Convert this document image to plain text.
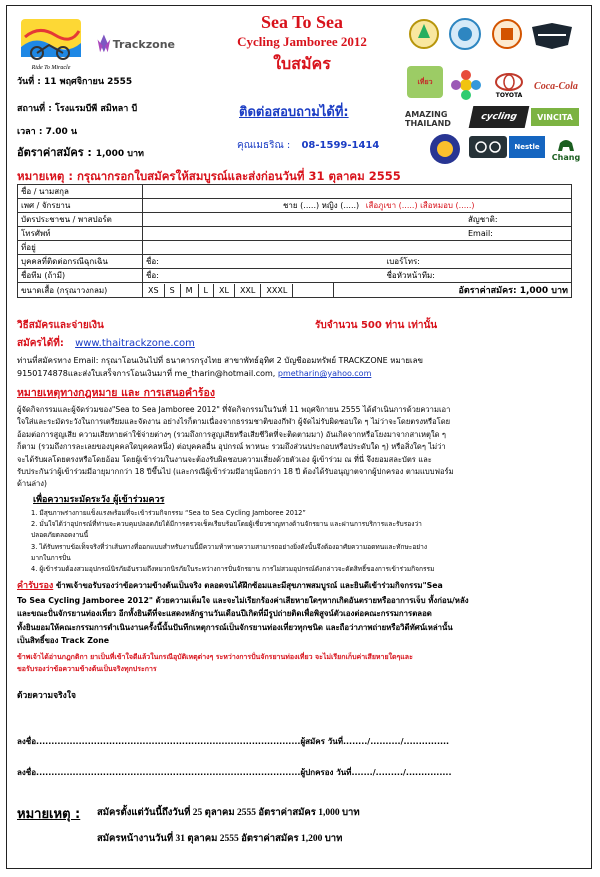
Ride To Miracle
Trackzone
Sea To Sea
Cycling Jamboree 2012
ใบสมัคร
วันที่ : 11 พฤศจิกายน 2555
สถานที่ : โรงแรมบีพี สมิหลา บี
เวลา : 7.00 น
อัตราค่าสมัคร : 1,000 บาท
ติดต่อสอบถามได้ที่:
คุณเมธริณ : 08-1599-1414
เที่ยว
TOYOTA
Coca-Cola
AMAZING THAILAND
cycling VINCITA
Nestle
Chang
หมายเหตุ : กรุณากรอกใบสมัครให้สมบูรณ์และส่งก่อนวันที่ 31 ตุลาคม 2555
ชื่อ / นามสกุล		
เพศ / จักรยาน	ชาย (.....) หญิง (.....) เสือภูเขา (.....) เสือหมอบ (.....)	
บัตรประชาชน / พาสปอร์ต	สัญชาติ:	
โทรศัพท์	Email:	
ที่อยู่		
บุคคลที่ติดต่อกรณีฉุกเฉิน	ชื่อ: เบอร์โทร:	
ชื่อทีม (ถ้ามี)	ชื่อ: ชื่อหัวหน้าทีม:	
ขนาดเสื้อ (กรุณาวงกลม)	XS S M L XL XXL XXXL	อัตราค่าสมัคร: 1,000 บาท
วิธีสมัครและจ่ายเงิน	รับจำนวน 500 ท่าน เท่านั้น
สมัครได้ที่: www.thaitrackzone.com
ท่านที่สมัครทาง Email: กรุณาโอนเงินไปที่ ธนาคารกรุงไทย สาขาพัทธ์อุทิศ 2 บัญชีออมทรัพย์ TRACKZONE หมายเลข
9150174878และส่งใบเสร็จการโอนเงินมาที่ me_tharin@hotmail.com, pmetharin@yahoo.com
หมายเหตุทางกฎหมาย และ การเสนอคำร้อง
ผู้จัดกิจกรรมและผู้จัดร่วมของ"Sea to Sea Jamboree 2012" ที่จัดกิจกรรมในวันที่ 11 พฤศจิกายน 2555 ได้ดำเนินการด้วยความเอา
ใจใส่และระมัดระวังในการเตรียมและจัดงาน อย่างไรก็ตามเนื่องจากธรรมชาติของกีฬา ผู้จัดไม่รับผิดชอบใด ๆ ไม่ว่าจะโดยตรงหรือโดย
อ้อมต่อการสูญเสีย ความเสียหายค่าใช้จ่ายต่างๆ (รวมถึงการสูญเสียหรือเสียชีวิตที่จะติดตามมา) อันเกิดจากหรือโยงมาจากสาเหตุใด ๆ
ก็ตาม (รวมถึงการละเลยของบุคคลใดบุคคลหนึ่ง) ต่อบุคคลอื่น อุปกรณ์ พาหนะ รวมถึงส่วนประกอบหรือประดับใด ๆ) หรือสิ่งใดๆ ไม่ว่า
จะได้รับผลโดยตรงหรือโดยอ้อม โดยผู้เข้าร่วมในงานจะต้องรับผิดชอบความเสี่ยงด้วยตัวเอง ผู้เข้าร่วม ณ ที่นี่ จึงยอมสละบัตร และ
รับประกันว่าผู้เข้าร่วมมีอายุมากกว่า 18 ปีขึ้นไป (และกรณีผู้เข้าร่วมมีอายุน้อยกว่า 18 ปี ต้องได้รับอนุญาตจากผู้ปกครอง ตามแบบฟอร์ม
ด้านล่าง)
เพื่อความระมัดระวัง ผู้เข้าร่วมควร
1. มีสุขภาพร่างกายแข็งแรงพร้อมที่จะเข้าร่วมกิจกรรม “Sea to Sea Cycling Jamboree 2012”
2. มั่นใจได้ว่าอุปกรณ์ที่ท่านจะควบคุมปลอดภัยได้มีการตรวจเช็คเรียบร้อยโดยผู้เชี่ยวชาญทางด้านจักรยาน และผ่านการบริการและรับรองว่า
ปลอดภัยตลอดงานนี้
3. ได้รับทราบข้อเท็จจริงที่ว่าเส้นทางที่ออกแบบสำหรับงานนี้มีความท้าทายความสามารถอย่างยิ่งดังนั้นจึงต้องอาศัยความอดทนและทักษะอย่าง
มากในการปั่น
4. ผู้เข้าร่วมต้องสวมอุปกรณ์นิรภัยอันรวมถึงหมวกนิรภัยในระหว่างการปั่นจักรยาน การไม่สวมอุปกรณ์ดังกล่าวจะตัดสิทธิ์ของการเข้าร่วมกิจกรรม
คำรับรอง ข้าพเจ้าขอรับรองว่าข้อความข้างต้นเป็นจริง ตลอดจนได้ฝึกซ้อมและมีสุขภาพสมบูรณ์ และยินดีเข้าร่วมกิจกรรม"Sea
To Sea Cycling Jamboree 2012" ด้วยความเต็มใจ และจะไม่เรียกร้องค่าเสียหายใดๆหากเกิดอันตรายหรืออาการเจ็บ ทั้งก่อน/หลัง
และขณะปั่นจักรยานท่องเที่ยว อีกทั้งยินดีที่จะแสดงหลักฐานวันเดือนปีเกิดที่มีรูปถ่ายติดเพื่อพิสูจน์ตัวเองต่อคณะกรรมการตลอด
ทั้งยินยอมให้คณะกรรมการดำเนินงานครั้งนี้นั้นปันทีกเหตุการณ์เป็นจักรยานท่องเที่ยวทุกชนิด และถือว่าภาพถ่ายหรือวิดีทัศน์เหล่านั้น
เป็นสิทธิ์ของ Track Zone
ข้าพเจ้าได้อ่านกฎกติกา ยาเป็นที่เข้าใจดีแล้วในกรณีอุบัติเหตุต่างๆ ระหว่างการปั่นจักรยานท่องเที่ยว จะไม่เรียกเก็บค่าเสียหายใดๆและ
ขอรับรองว่าข้อความข้างต้นเป็นจริงทุกประการ
ด้วยความจริงใจ
ลงชื่อ.......................................................................................ผู้สมัคร วันที่......../........../...............
ลงชื่อ.......................................................................................ผู้ปกครอง วันที่......./........./...............
หมายเหตุ : สมัครตั้งแต่วันนี้ถึงวันที่ 25 ตุลาคม 2555 อัตราค่าสมัคร 1,000 บาท
สมัครหน้างานวันที่ 31 ตุลาคม 2555 อัตราค่าสมัคร 1,200 บาท
